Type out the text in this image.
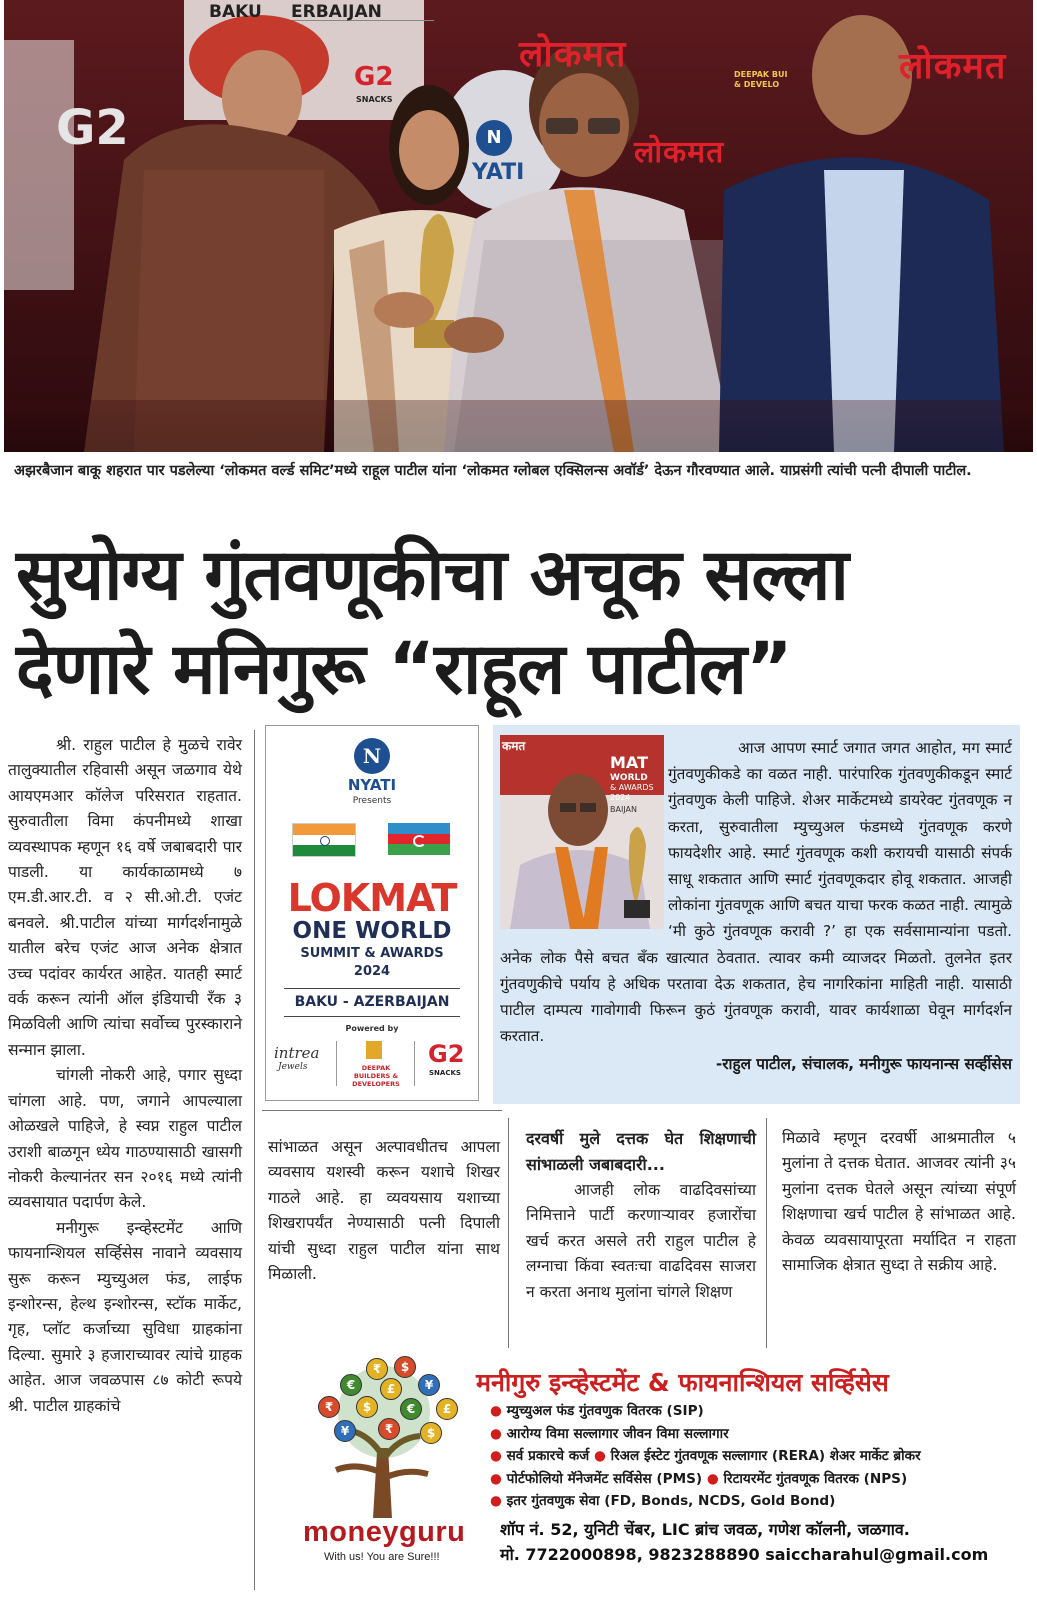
BAKU ERBAIJAN
लोकमत	लोकमत
लोकमत
G2
SNACKS
G2	N
YATI
DEEPAK BUI & DEVELO
अझरबैजान बाकू शहरात पार पडलेल्या ‘लोकमत वर्ल्ड समिट’मध्ये राहूल पाटील यांना ‘लोकमत ग्लोबल एक्सिलन्स अवॉर्ड’ देऊन गौरवण्यात आले. याप्रसंगी त्यांची पत्नी दीपाली पाटील.
सुयोग्य गुंतवणूकीचा अचूक सल्ला
देणारे मनिगुरू “राहूल पाटील”

श्री. राहुल पाटील हे मुळचे रावेर तालुक्यातील रहिवासी असून जळगाव येथे आयएमआर कॉलेज परिसरात राहतात. सुरुवातीला विमा कंपनीमध्ये शाखा व्यवस्थापक म्हणून १६ वर्षे जबाबदारी पार पाडली. या कार्यकाळामध्ये ७ एम.डी.आर.टी. व २ सी.ओ.टी. एजंट बनवले. श्री.पाटील यांच्या मार्गदर्शनामुळे यातील बरेच एजंट आज अनेक क्षेत्रात उच्च पदांवर कार्यरत आहेत. यातही स्मार्ट वर्क करून त्यांनी ऑल इंडियाची रँक ३ मिळविली आणि त्यांचा सर्वोच्च पुरस्काराने सन्मान झाला.

चांगली नोकरी आहे, पगार सुध्दा चांगला आहे. पण, जगाने आपल्याला ओळखले पाहिजे, हे स्वप्न राहुल पाटील उराशी बाळगून ध्येय गाठण्यासाठी खासगी नोकरी केल्यानंतर सन २०१६ मध्ये त्यांनी व्यवसायात पदार्पण केले.

मनीगुरू इन्व्हेस्टमेंट आणि फायनान्शियल सर्व्हिसेस नावाने व्यवसाय सुरू करून म्युच्युअल फंड, लाईफ इन्शोरन्स, हेल्थ इन्शोरन्स, स्टॉक मार्केट, गृह, प्लॉट कर्जाच्या सुविधा ग्राहकांना दिल्या. सुमारे ३ हजाराच्यावर त्यांचे ग्राहक आहेत. आज जवळपास ८७ कोटी रूपये श्री. पाटील ग्राहकांचे

N
NYATI
Presents
LOKMAT
ONE WORLD
SUMMIT & AWARDS
2024
BAKU - AZERBAIJAN
Powered by
intrea
Jewels	DEEPAK BUILDERS & DEVELOPERS
G2
SNACKS
कमत
MAT
WORLD
& AWARDS
2024
BAIJAN
आज आपण स्मार्ट जगात जगत आहोत, मग स्मार्ट गुंतवणुकीकडे का वळत नाही. पारंपारिक गुंतवणुकीकडून स्मार्ट गुंतवणुक केली पाहिजे. शेअर मार्केटमध्ये डायरेक्ट गुंतवणूक न करता, सुरुवातीला म्युच्युअल फंडमध्ये गुंतवणूक करणे फायदेशीर आहे. स्मार्ट गुंतवणूक कशी करायची यासाठी संपर्क साधू शकतात आणि स्मार्ट गुंतवणूकदार होवू शकतात. आजही लोकांना गुंतवणूक आणि बचत याचा फरक कळत नाही. त्यामुळे ‘मी कुठे गुंतवणूक करावी ?’ हा एक सर्वसामान्यांना पडतो. अनेक लोक पैसे बचत बँक खात्यात ठेवतात. त्यावर कमी व्याजदर मिळतो. तुलनेत इतर गुंतवणुकीचे पर्याय हे अधिक परतावा देऊ शकतात, हेच नागरिकांना माहिती नाही. यासाठी पाटील दाम्पत्य गावोगावी फिरून कुठं गुंतवणूक करावी, यावर कार्यशाळा घेवून मार्गदर्शन करतात.
-राहुल पाटील, संचालक, मनीगुरू फायनान्स सर्व्हीसेस

सांभाळत असून अल्पावधीतच आपला व्यवसाय यशस्वी करून यशाचे शिखर गाठले आहे. हा व्यवयसाय यशाच्या शिखरापर्यंत नेण्यासाठी पत्नी दिपाली यांची सुध्दा राहुल पाटील यांना साथ मिळाली.

दरवर्षी मुले दत्तक घेत शिक्षणाची सांभाळली जबाबदारी...

आजही लोक वाढदिवसांच्या निमित्ताने पार्टी करणाऱ्यावर हजारोंचा खर्च करत असले तरी राहुल पाटील हे लग्नाचा किंवा स्वतःचा वाढदिवस साजरा न करता अनाथ मुलांना चांगले शिक्षण

मिळावे म्हणून दरवर्षी आश्रमातील ५ मुलांना ते दत्तक घेतात. आजवर त्यांनी ३५ मुलांना दत्तक घेतले असून त्यांच्या संपूर्ण शिक्षणाचा खर्च पाटील हे सांभाळत आहे. केवळ व्यवसायापूरता मर्यादित न राहता सामाजिक क्षेत्रात सुध्दा ते सक्रीय आहे.

₹	$
€	£	¥
₹	$	€	£
¥	₹	$
moneyguru
With us! You are Sure!!!
मनीगुरु इन्व्हेस्टमेंट & फायनान्शियल सर्व्हिसेस
● म्युच्युअल फंड गुंतवणुक वितरक (SIP)
● आरोग्य विमा सल्लागार जीवन विमा सल्लागार
● सर्व प्रकारचे कर्ज ● रिअल ईस्टेट गुंतवणूक सल्लागार (RERA) शेअर मार्केट ब्रोकर
● पोर्टफोलियो मॅनेजमेंट सर्विसेस (PMS) ● रिटायरमेंट गुंतवणूक वितरक (NPS)
● इतर गुंतवणुक सेवा (FD, Bonds, NCDS, Gold Bond)
शॉप नं. 52, युनिटी चेंबर, LIC ब्रांच जवळ, गणेश कॉलनी, जळगाव.
मो. 7722000898, 9823288890 saiccharahul@gmail.com
